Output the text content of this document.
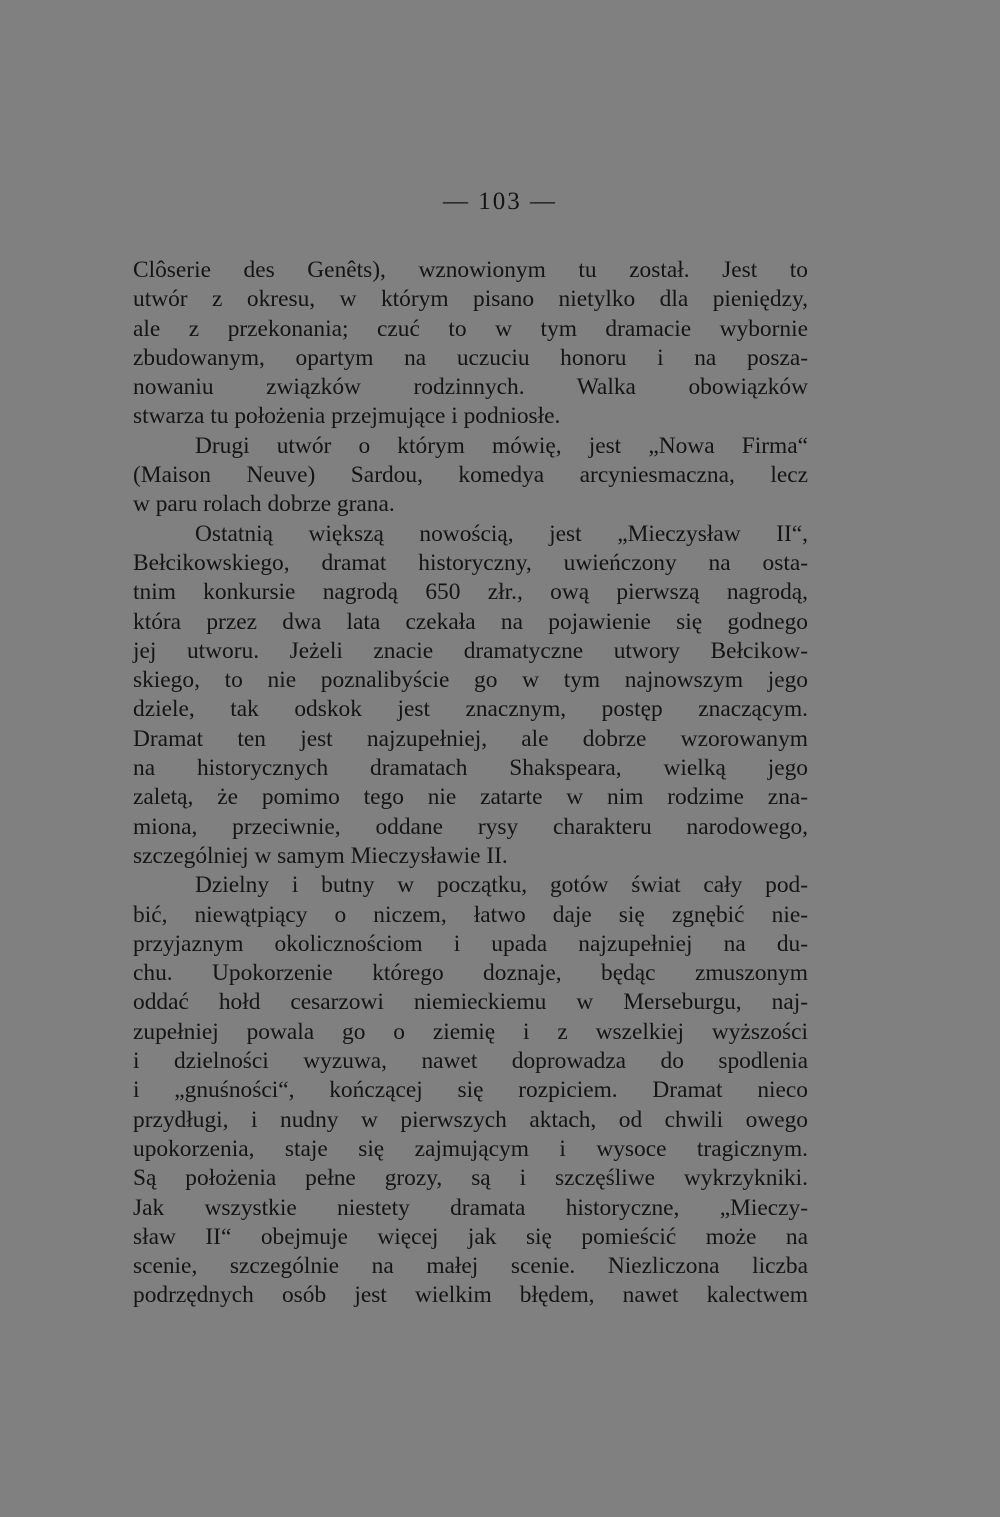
— 103 —
Clôserie des Genêts), wznowionym tu został. Jest to
utwór z okresu, w którym pisano nietylko dla pieniędzy,
ale z przekonania; czuć to w tym dramacie wybornie
zbudowanym, opartym na uczuciu honoru i na posza-
nowaniu związków rodzinnych. Walka obowiązków
stwarza tu położenia przejmujące i podniosłe.
Drugi utwór o którym mówię, jest „Nowa Firma“
(Maison Neuve) Sardou, komedya arcyniesmaczna, lecz
w paru rolach dobrze grana.
Ostatnią większą nowością, jest „Mieczysław II“,
Bełcikowskiego, dramat historyczny, uwieńczony na osta-
tnim konkursie nagrodą 650 złr., ową pierwszą nagrodą,
która przez dwa lata czekała na pojawienie się godnego
jej utworu. Jeżeli znacie dramatyczne utwory Bełcikow-
skiego, to nie poznalibyście go w tym najnowszym jego
dziele, tak odskok jest znacznym, postęp znaczącym.
Dramat ten jest najzupełniej, ale dobrze wzorowanym
na historycznych dramatach Shakspeara, wielką jego
zaletą, że pomimo tego nie zatarte w nim rodzime zna-
miona, przeciwnie, oddane rysy charakteru narodowego,
szczególniej w samym Mieczysławie II.
Dzielny i butny w początku, gotów świat cały pod-
bić, niewątpiący o niczem, łatwo daje się zgnębić nie-
przyjaznym okolicznościom i upada najzupełniej na du-
chu. Upokorzenie którego doznaje, będąc zmuszonym
oddać hołd cesarzowi niemieckiemu w Merseburgu, naj-
zupełniej powala go o ziemię i z wszelkiej wyższości
i dzielności wyzuwa, nawet doprowadza do spodlenia
i „gnuśności“, kończącej się rozpiciem. Dramat nieco
przydługi, i nudny w pierwszych aktach, od chwili owego
upokorzenia, staje się zajmującym i wysoce tragicznym.
Są położenia pełne grozy, są i szczęśliwe wykrzykniki.
Jak wszystkie niestety dramata historyczne, „Mieczy-
sław II“ obejmuje więcej jak się pomieścić może na
scenie, szczególnie na małej scenie. Niezliczona liczba
podrzędnych osób jest wielkim błędem, nawet kalectwem
